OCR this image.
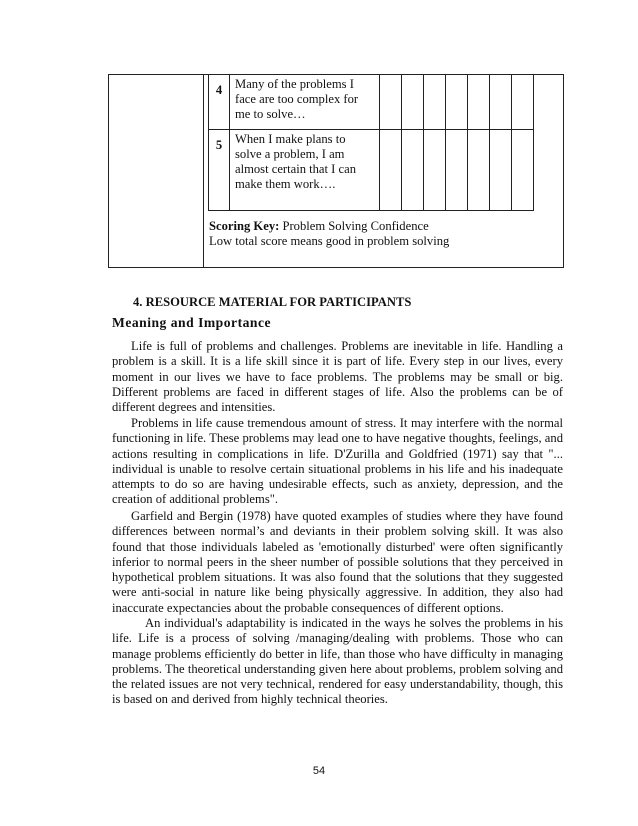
4	Many of the problems I face are too complex for me to solve…							
5	When I make plans to solve a problem, I am almost certain that I can make them work….							
Scoring Key: Problem Solving Confidence
Low total score means good in problem solving
4. RESOURCE MATERIAL FOR PARTICIPANTS
Meaning and Importance

Life is full of problems and challenges. Problems are inevitable in life. Handling a problem is a skill. It is a life skill since it is part of life. Every step in our lives, every moment in our lives we have to face problems. The problems may be small or big. Different problems are faced in different stages of life. Also the problems can be of different degrees and intensities.

Problems in life cause tremendous amount of stress. It may interfere with the normal functioning in life. These problems may lead one to have negative thoughts, feelings, and actions resulting in complications in life. D'Zurilla and Goldfried (1971) say that "... individual is unable to resolve certain situational problems in his life and his inadequate attempts to do so are having undesirable effects, such as anxiety, depression, and the creation of additional problems".

Garfield and Bergin (1978) have quoted examples of studies where they have found differences between normal’s and deviants in their problem solving skill. It was also found that those individuals labeled as 'emotionally disturbed' were often significantly inferior to normal peers in the sheer number of possible solutions that they perceived in hypothetical problem situations. It was also found that the solutions that they suggested were anti-social in nature like being physically aggressive. In addition, they also had inaccurate expectancies about the probable consequences of different options.

An individual's adaptability is indicated in the ways he solves the problems in his life. Life is a process of solving /managing/dealing with problems. Those who can manage problems efficiently do better in life, than those who have difficulty in managing problems. The theoretical understanding given here about problems, problem solving and the related issues are not very technical, rendered for easy understandability, though, this is based on and derived from highly technical theories.

54
